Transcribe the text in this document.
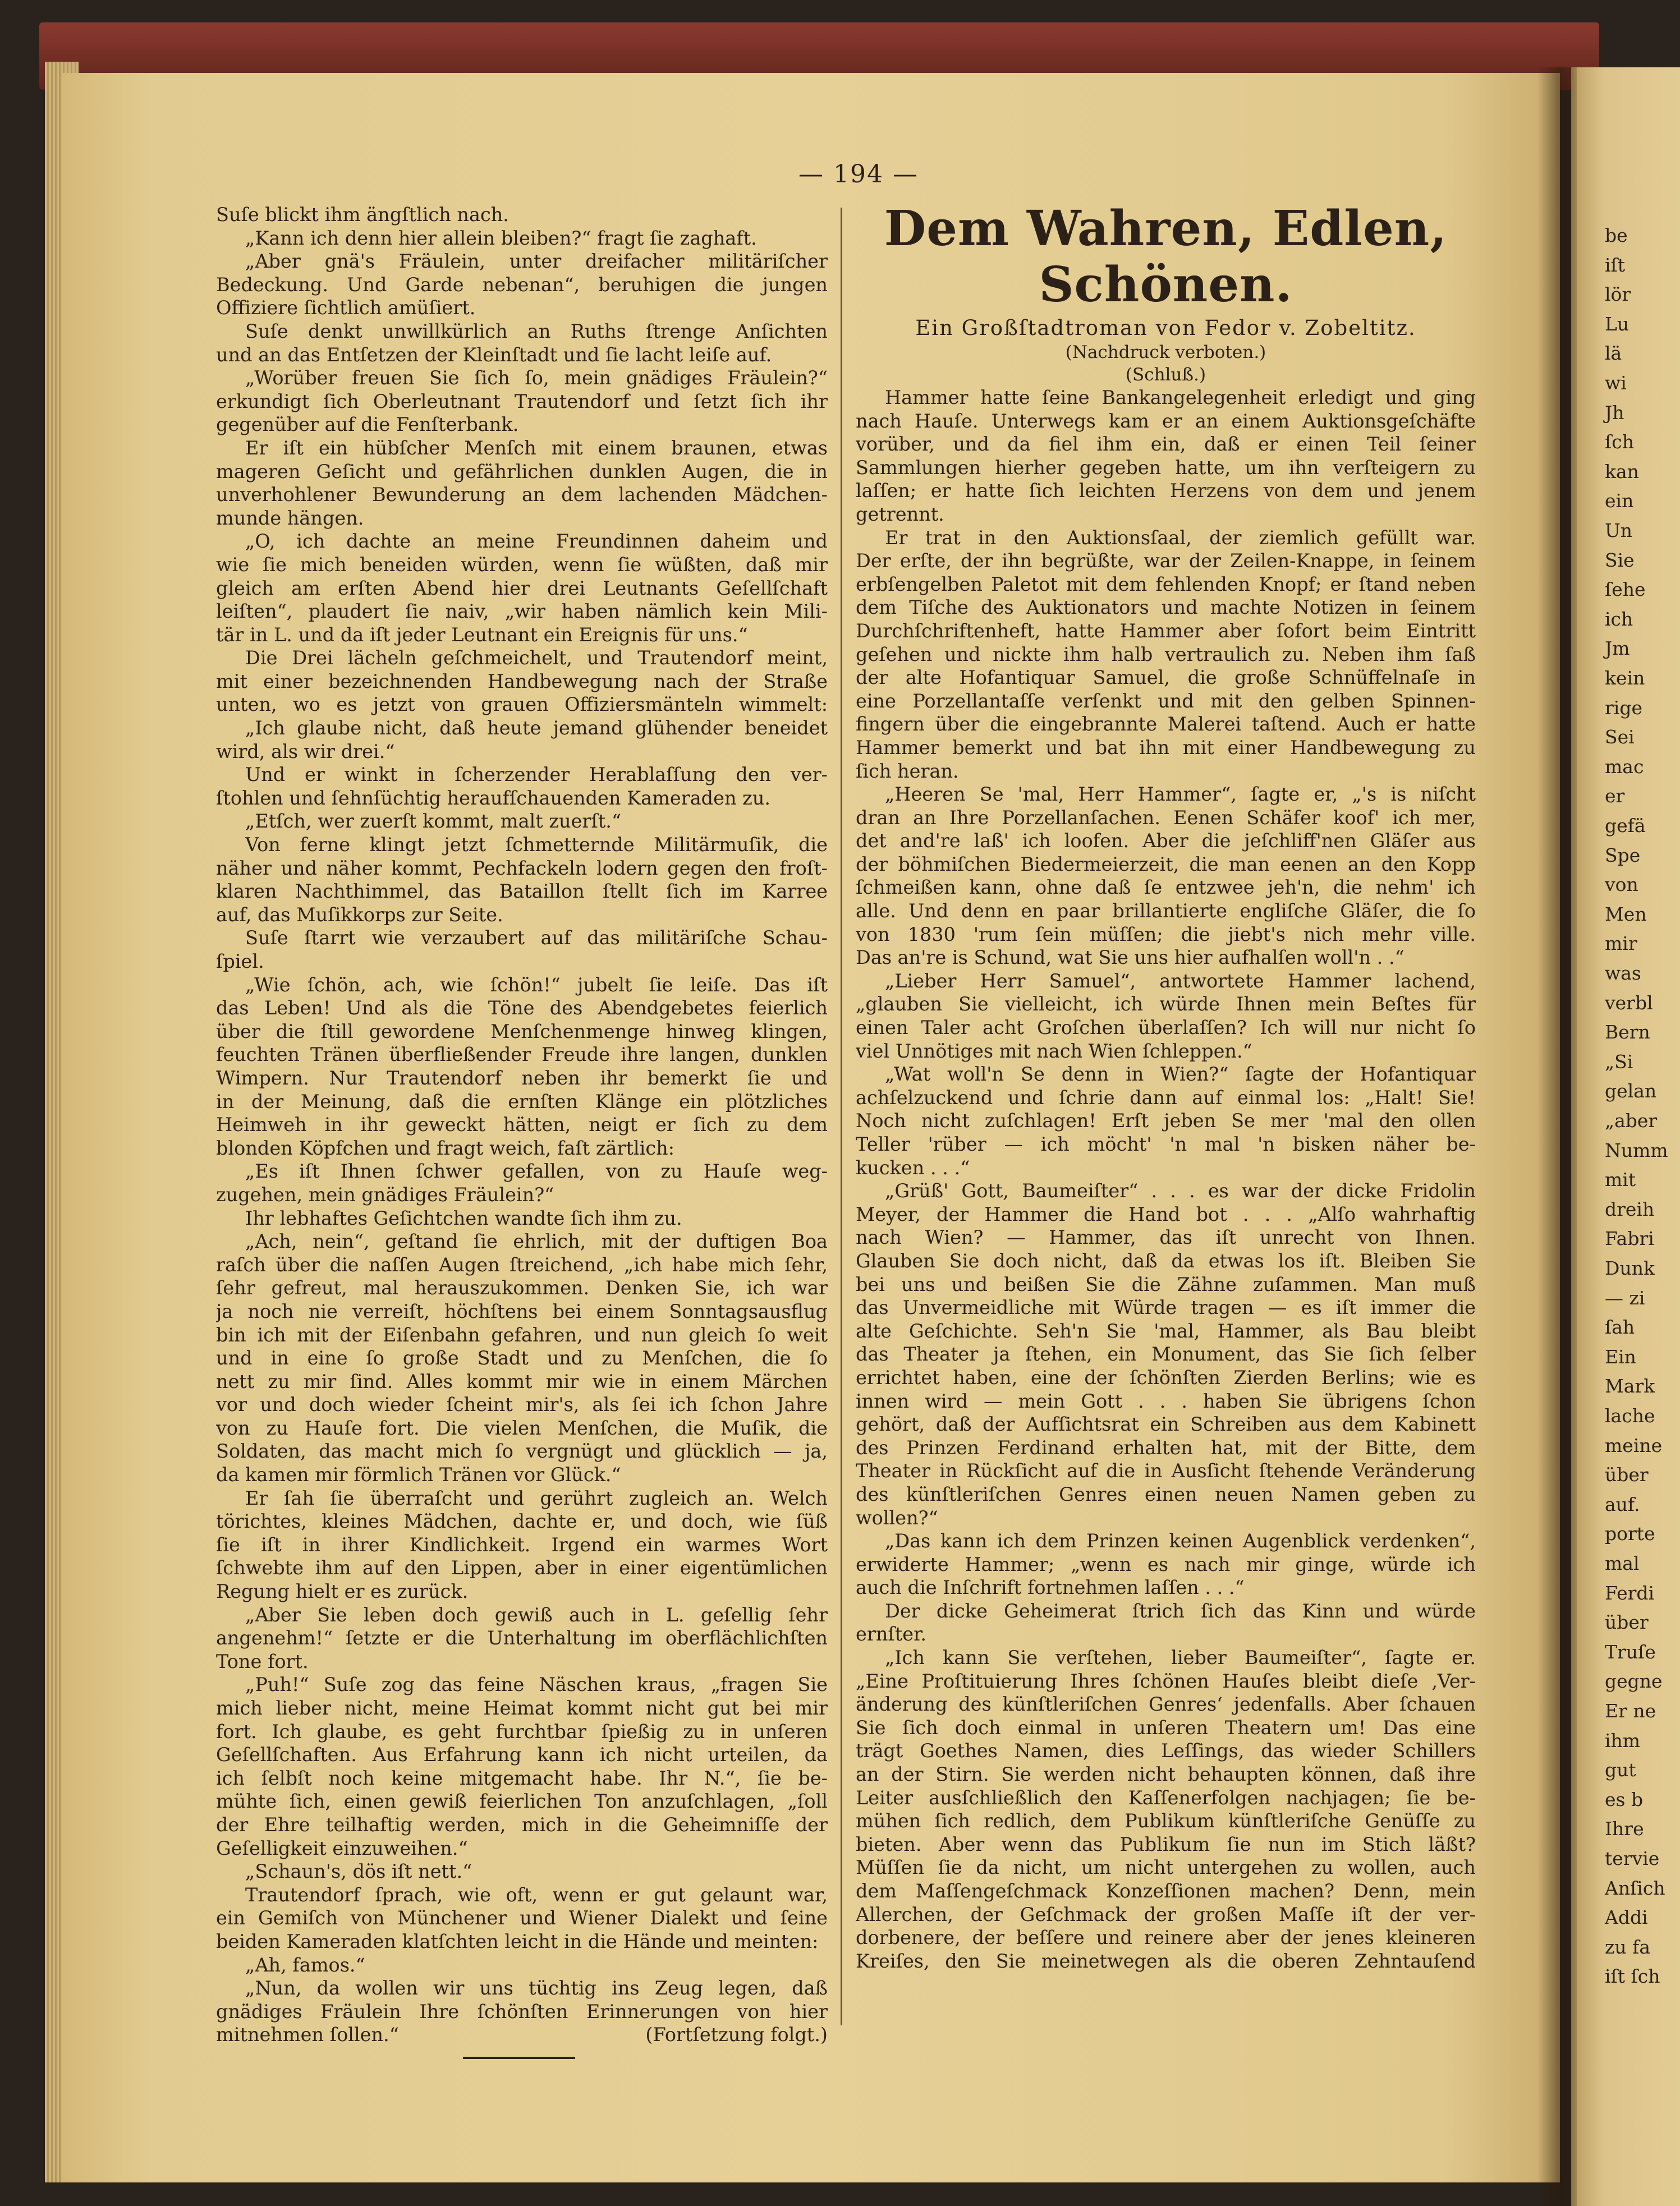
— 194 —
Suſe blickt ihm ängſtlich nach.
„Kann ich denn hier allein bleiben?“ fragt ſie zaghaft.
„Aber gnä's Fräulein, unter dreifacher militäriſcher
Bedeckung. Und Garde nebenan“, beruhigen die jungen
Offiziere ſichtlich amüſiert.
Suſe denkt unwillkürlich an Ruths ſtrenge Anſichten
und an das Entſetzen der Kleinſtadt und ſie lacht leiſe auf.
„Worüber freuen Sie ſich ſo, mein gnädiges Fräulein?“
erkundigt ſich Oberleutnant Trautendorf und ſetzt ſich ihr
gegenüber auf die Fenſterbank.
Er iſt ein hübſcher Menſch mit einem braunen, etwas
mageren Geſicht und gefährlichen dunklen Augen, die in
unverhohlener Bewunderung an dem lachenden Mädchen-
munde hängen.
„O, ich dachte an meine Freundinnen daheim und
wie ſie mich beneiden würden, wenn ſie wüßten, daß mir
gleich am erſten Abend hier drei Leutnants Geſellſchaft
leiſten“, plaudert ſie naiv, „wir haben nämlich kein Mili-
tär in L. und da iſt jeder Leutnant ein Ereignis für uns.“
Die Drei lächeln geſchmeichelt, und Trautendorf meint,
mit einer bezeichnenden Handbewegung nach der Straße
unten, wo es jetzt von grauen Offiziersmänteln wimmelt:
„Ich glaube nicht, daß heute jemand glühender beneidet
wird, als wir drei.“
Und er winkt in ſcherzender Herablaſſung den ver-
ſtohlen und ſehnſüchtig heraufſchauenden Kameraden zu.
„Etſch, wer zuerſt kommt, malt zuerſt.“
Von ferne klingt jetzt ſchmetternde Militärmuſik, die
näher und näher kommt, Pechfackeln lodern gegen den froſt-
klaren Nachthimmel, das Bataillon ſtellt ſich im Karree
auf, das Muſikkorps zur Seite.
Suſe ſtarrt wie verzaubert auf das militäriſche Schau-
ſpiel.
„Wie ſchön, ach, wie ſchön!“ jubelt ſie leiſe. Das iſt
das Leben! Und als die Töne des Abendgebetes feierlich
über die ſtill gewordene Menſchenmenge hinweg klingen,
feuchten Tränen überfließender Freude ihre langen, dunklen
Wimpern. Nur Trautendorf neben ihr bemerkt ſie und
in der Meinung, daß die ernſten Klänge ein plötzliches
Heimweh in ihr geweckt hätten, neigt er ſich zu dem
blonden Köpfchen und fragt weich, faſt zärtlich:
„Es iſt Ihnen ſchwer gefallen, von zu Hauſe weg-
zugehen, mein gnädiges Fräulein?“
Ihr lebhaftes Geſichtchen wandte ſich ihm zu.
„Ach, nein“, geſtand ſie ehrlich, mit der duftigen Boa
raſch über die naſſen Augen ſtreichend, „ich habe mich ſehr,
ſehr gefreut, mal herauszukommen. Denken Sie, ich war
ja noch nie verreiſt, höchſtens bei einem Sonntagsausflug
bin ich mit der Eiſenbahn gefahren, und nun gleich ſo weit
und in eine ſo große Stadt und zu Menſchen, die ſo
nett zu mir ſind. Alles kommt mir wie in einem Märchen
vor und doch wieder ſcheint mir's, als ſei ich ſchon Jahre
von zu Hauſe fort. Die vielen Menſchen, die Muſik, die
Soldaten, das macht mich ſo vergnügt und glücklich — ja,
da kamen mir förmlich Tränen vor Glück.“
Er ſah ſie überraſcht und gerührt zugleich an. Welch
törichtes, kleines Mädchen, dachte er, und doch, wie ſüß
ſie iſt in ihrer Kindlichkeit. Irgend ein warmes Wort
ſchwebte ihm auf den Lippen, aber in einer eigentümlichen
Regung hielt er es zurück.
„Aber Sie leben doch gewiß auch in L. geſellig ſehr
angenehm!“ ſetzte er die Unterhaltung im oberflächlichſten
Tone fort.
„Puh!“ Suſe zog das feine Näschen kraus, „fragen Sie
mich lieber nicht, meine Heimat kommt nicht gut bei mir
fort. Ich glaube, es geht furchtbar ſpießig zu in unſeren
Geſellſchaften. Aus Erfahrung kann ich nicht urteilen, da
ich ſelbſt noch keine mitgemacht habe. Ihr N.“, ſie be-
mühte ſich, einen gewiß feierlichen Ton anzuſchlagen, „ſoll
der Ehre teilhaftig werden, mich in die Geheimniſſe der
Geſelligkeit einzuweihen.“
„Schaun's, dös iſt nett.“
Trautendorf ſprach, wie oft, wenn er gut gelaunt war,
ein Gemiſch von Münchener und Wiener Dialekt und ſeine
beiden Kameraden klatſchten leicht in die Hände und meinten:
„Ah, famos.“
„Nun, da wollen wir uns tüchtig ins Zeug legen, daß
gnädiges Fräulein Ihre ſchönſten Erinnerungen von hier
mitnehmen ſollen.“	(Fortſetzung folgt.)
Dem Wahren, Edlen, Schönen.
Ein Großſtadtroman von Fedor v. Zobeltitz.
(Nachdruck verboten.)
(Schluß.)
Hammer hatte ſeine Bankangelegenheit erledigt und ging
nach Hauſe. Unterwegs kam er an einem Auktionsgeſchäfte
vorüber, und da fiel ihm ein, daß er einen Teil ſeiner
Sammlungen hierher gegeben hatte, um ihn verſteigern zu
laſſen; er hatte ſich leichten Herzens von dem und jenem
getrennt.
Er trat in den Auktionsſaal, der ziemlich gefüllt war.
Der erſte, der ihn begrüßte, war der Zeilen-Knappe, in ſeinem
erbſengelben Paletot mit dem fehlenden Knopf; er ſtand neben
dem Tiſche des Auktionators und machte Notizen in ſeinem
Durchſchriftenheft, hatte Hammer aber ſofort beim Eintritt
geſehen und nickte ihm halb vertraulich zu. Neben ihm ſaß
der alte Hofantiquar Samuel, die große Schnüffelnaſe in
eine Porzellantaſſe verſenkt und mit den gelben Spinnen-
fingern über die eingebrannte Malerei taſtend. Auch er hatte
Hammer bemerkt und bat ihn mit einer Handbewegung zu
ſich heran.
„Heeren Se 'mal, Herr Hammer“, ſagte er, „'s is niſcht
dran an Ihre Porzellanſachen. Eenen Schäfer koof' ich mer,
det and're laß' ich loofen. Aber die jeſchliff'nen Gläſer aus
der böhmiſchen Biedermeierzeit, die man eenen an den Kopp
ſchmeißen kann, ohne daß ſe entzwee jeh'n, die nehm' ich
alle. Und denn en paar brillantierte engliſche Gläſer, die ſo
von 1830 'rum ſein müſſen; die jiebt's nich mehr ville.
Das an're is Schund, wat Sie uns hier aufhalſen woll'n . .“
„Lieber Herr Samuel“, antwortete Hammer lachend,
„glauben Sie vielleicht, ich würde Ihnen mein Beſtes für
einen Taler acht Groſchen überlaſſen? Ich will nur nicht ſo
viel Unnötiges mit nach Wien ſchleppen.“
„Wat woll'n Se denn in Wien?“ ſagte der Hofantiquar
achſelzuckend und ſchrie dann auf einmal los: „Halt! Sie!
Noch nicht zuſchlagen! Erſt jeben Se mer 'mal den ollen
Teller 'rüber — ich möcht' 'n mal 'n bisken näher be-
kucken . . .“
„Grüß' Gott, Baumeiſter“ . . . es war der dicke Fridolin
Meyer, der Hammer die Hand bot . . . „Alſo wahrhaftig
nach Wien? — Hammer, das iſt unrecht von Ihnen.
Glauben Sie doch nicht, daß da etwas los iſt. Bleiben Sie
bei uns und beißen Sie die Zähne zuſammen. Man muß
das Unvermeidliche mit Würde tragen — es iſt immer die
alte Geſchichte. Seh'n Sie 'mal, Hammer, als Bau bleibt
das Theater ja ſtehen, ein Monument, das Sie ſich ſelber
errichtet haben, eine der ſchönſten Zierden Berlins; wie es
innen wird — mein Gott . . . haben Sie übrigens ſchon
gehört, daß der Aufſichtsrat ein Schreiben aus dem Kabinett
des Prinzen Ferdinand erhalten hat, mit der Bitte, dem
Theater in Rückſicht auf die in Ausſicht ſtehende Veränderung
des künſtleriſchen Genres einen neuen Namen geben zu
wollen?“
„Das kann ich dem Prinzen keinen Augenblick verdenken“,
erwiderte Hammer; „wenn es nach mir ginge, würde ich
auch die Inſchrift fortnehmen laſſen . . .“
Der dicke Geheimerat ſtrich ſich das Kinn und würde
ernſter.
„Ich kann Sie verſtehen, lieber Baumeiſter“, ſagte er.
„Eine Proſtituierung Ihres ſchönen Hauſes bleibt dieſe ‚Ver-
änderung des künſtleriſchen Genres‘ jedenfalls. Aber ſchauen
Sie ſich doch einmal in unſeren Theatern um! Das eine
trägt Goethes Namen, dies Leſſings, das wieder Schillers
an der Stirn. Sie werden nicht behaupten können, daß ihre
Leiter ausſchließlich den Kaſſenerfolgen nachjagen; ſie be-
mühen ſich redlich, dem Publikum künſtleriſche Genüſſe zu
bieten. Aber wenn das Publikum ſie nun im Stich läßt?
Müſſen ſie da nicht, um nicht untergehen zu wollen, auch
dem Maſſengeſchmack Konzeſſionen machen? Denn, mein
Allerchen, der Geſchmack der großen Maſſe iſt der ver-
dorbenere, der beſſere und reinere aber der jenes kleineren
Kreiſes, den Sie meinetwegen als die oberen Zehntauſend
be
iſt
lör
Lu
lä
wi
Jh
ſch
kan
ein
Un
Sie
ſehe
ich
Jm
kein
rige
Sei
mac
er
gefä
Spe
von
Men
mir
was
verbl
Bern
„Si
gelan
„aber
Numm
mit
dreih
Fabri
Dunk
— zi
ſah
Ein
Mark
lache
meine
über
auf.
porte
mal
Ferdi
über
Truſe
gegne
Er ne
ihm
gut
es b
Ihre
tervie
Anſich
Addi
zu fa
iſt ſch
